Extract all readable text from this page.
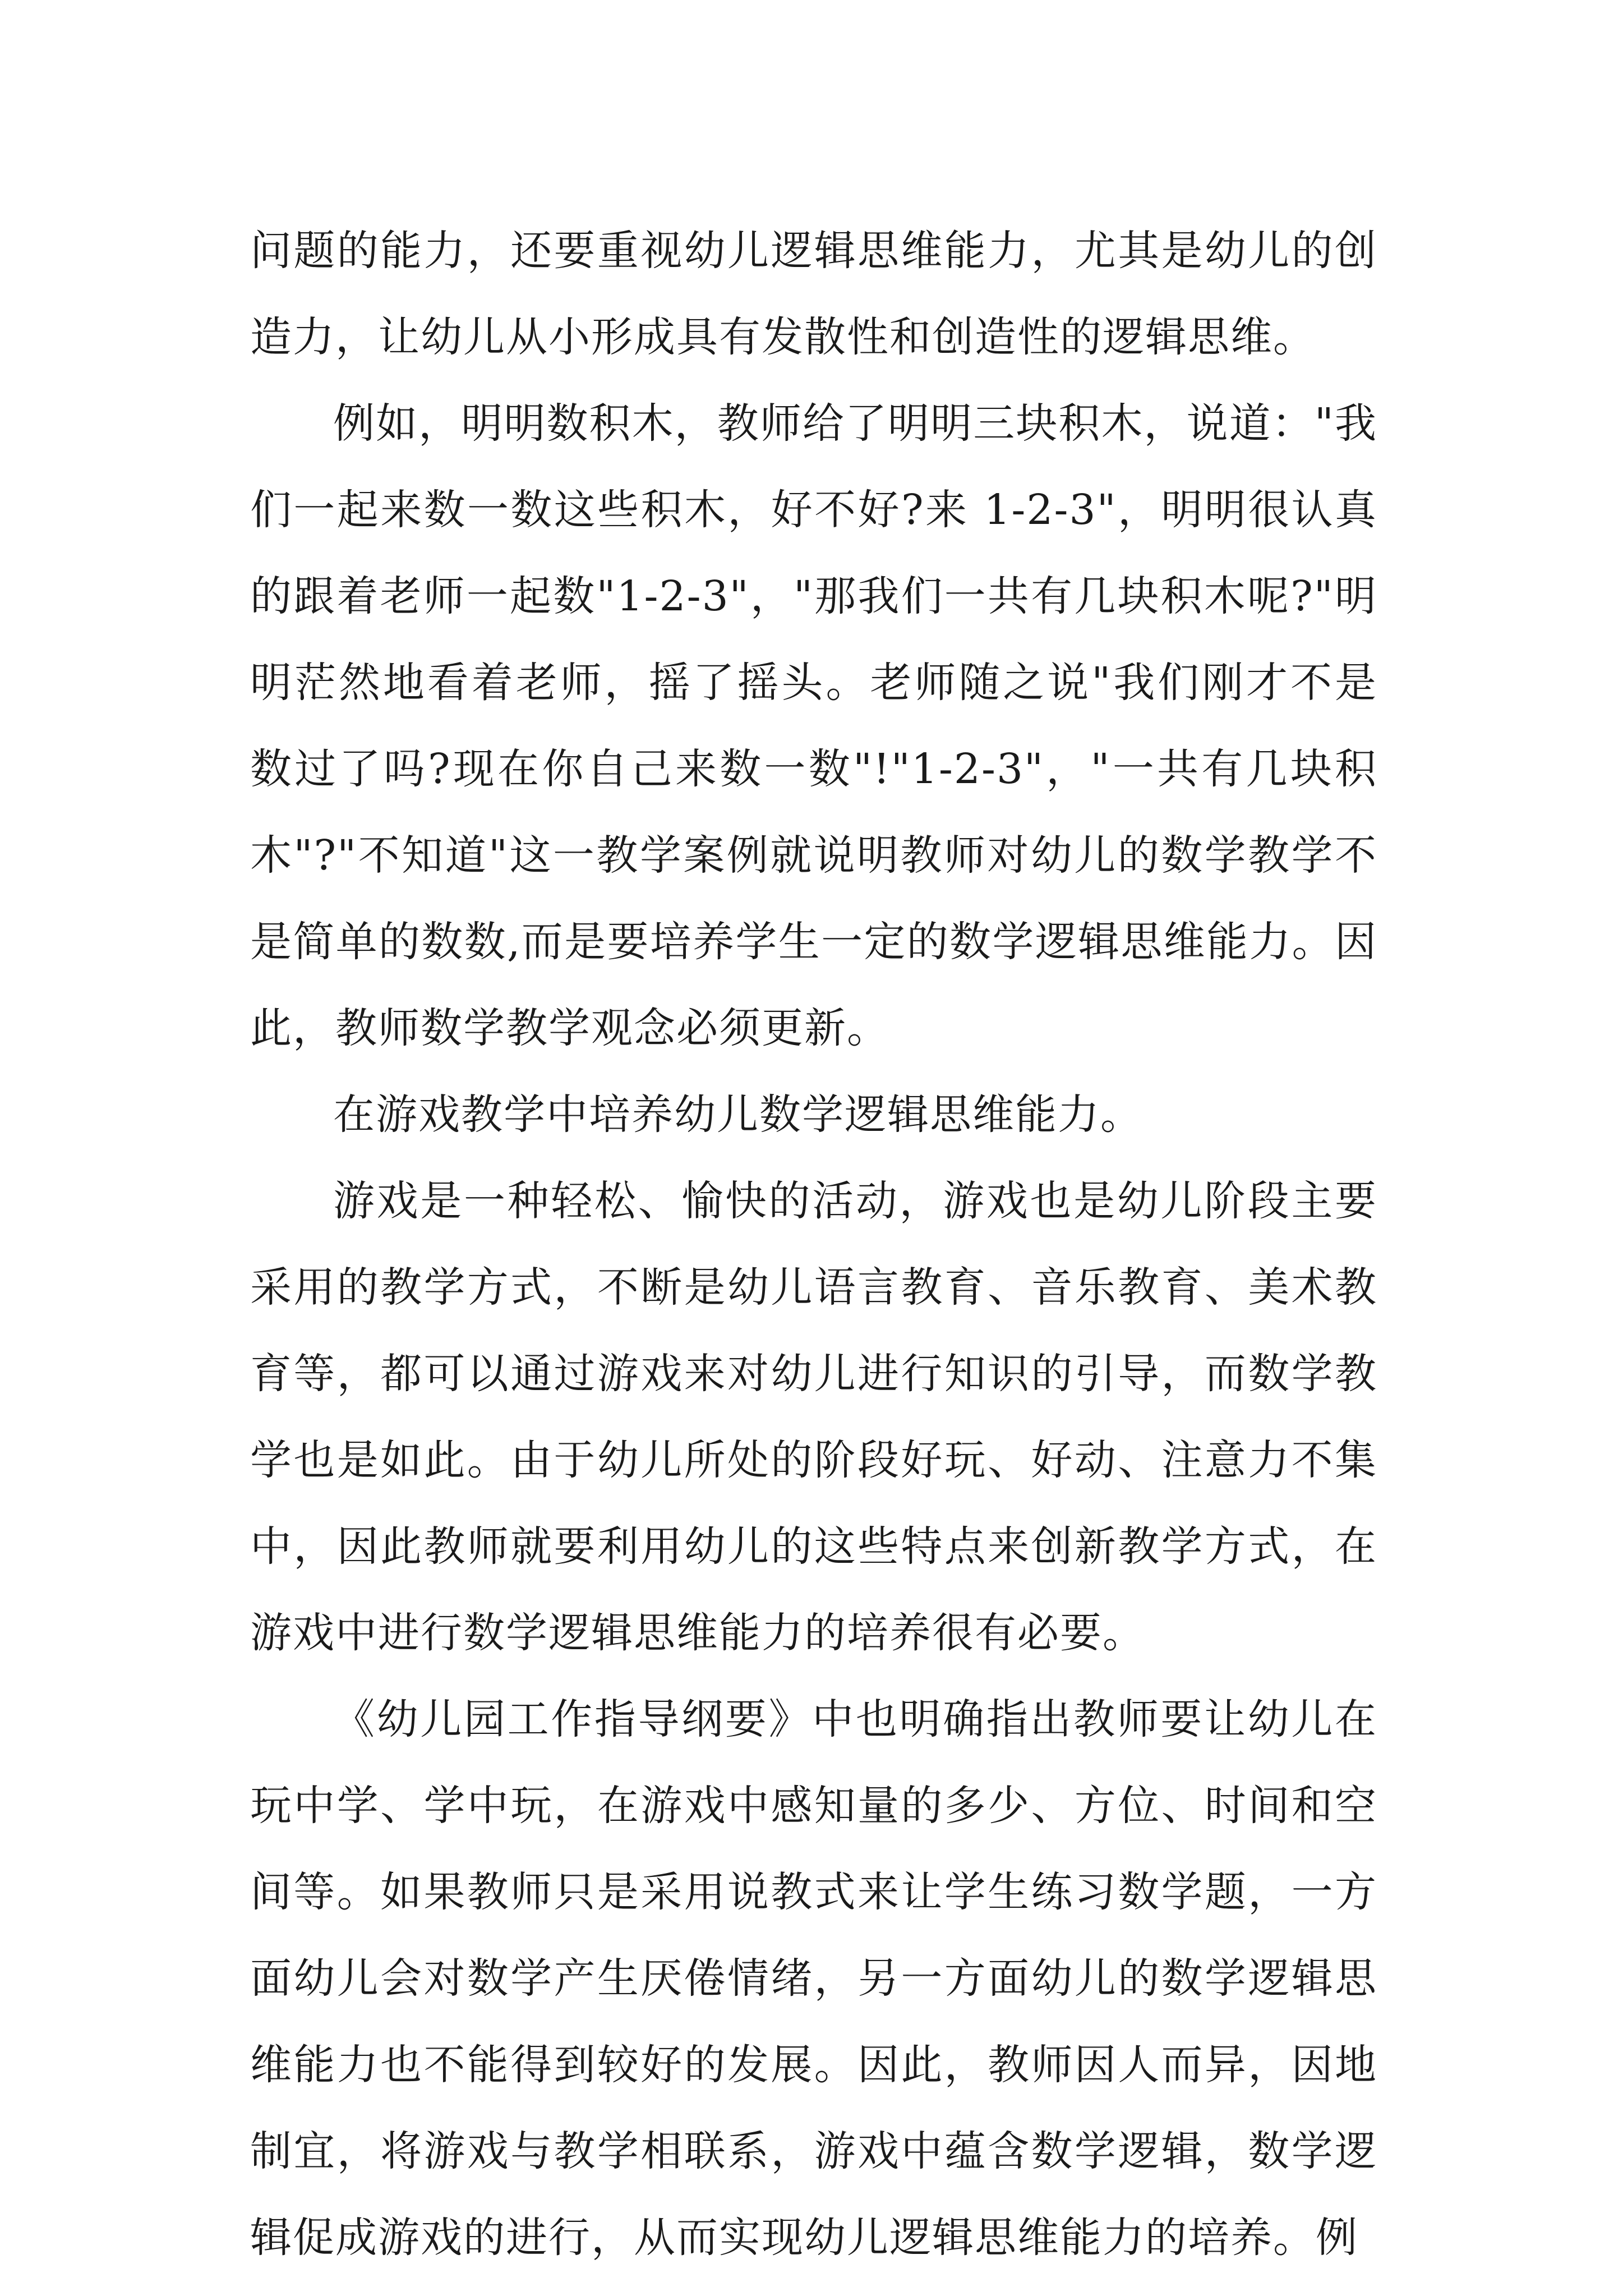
问题的能力，还要重视幼儿逻辑思维能力，尤其是幼儿的创造力，让幼儿从小形成具有发散性和创造性的逻辑思维。

例如，明明数积木，教师给了明明三块积木，说道："我们一起来数一数这些积木，好不好?来 1-2-3"，明明很认真的跟着老师一起数"1-2-3"，"那我们一共有几块积木呢?"明明茫然地看着老师，摇了摇头。老师随之说"我们刚才不是数过了吗?现在你自己来数一数"!"1-2-3"，"一共有几块积木"?"不知道"这一教学案例就说明教师对幼儿的数学教学不是简单的数数,而是要培养学生一定的数学逻辑思维能力。因此，教师数学教学观念必须更新。

在游戏教学中培养幼儿数学逻辑思维能力。

游戏是一种轻松、愉快的活动，游戏也是幼儿阶段主要采用的教学方式，不断是幼儿语言教育、音乐教育、美术教育等，都可以通过游戏来对幼儿进行知识的引导，而数学教学也是如此。由于幼儿所处的阶段好玩、好动、注意力不集中，因此教师就要利用幼儿的这些特点来创新教学方式，在游戏中进行数学逻辑思维能力的培养很有必要。

《幼儿园工作指导纲要》中也明确指出教师要让幼儿在玩中学、学中玩，在游戏中感知量的多少、方位、时间和空间等。如果教师只是采用说教式来让学生练习数学题，一方面幼儿会对数学产生厌倦情绪，另一方面幼儿的数学逻辑思维能力也不能得到较好的发展。因此，教师因人而异，因地制宜，将游戏与教学相联系，游戏中蕴含数学逻辑，数学逻辑促成游戏的进行，从而实现幼儿逻辑思维能力的培养。例
